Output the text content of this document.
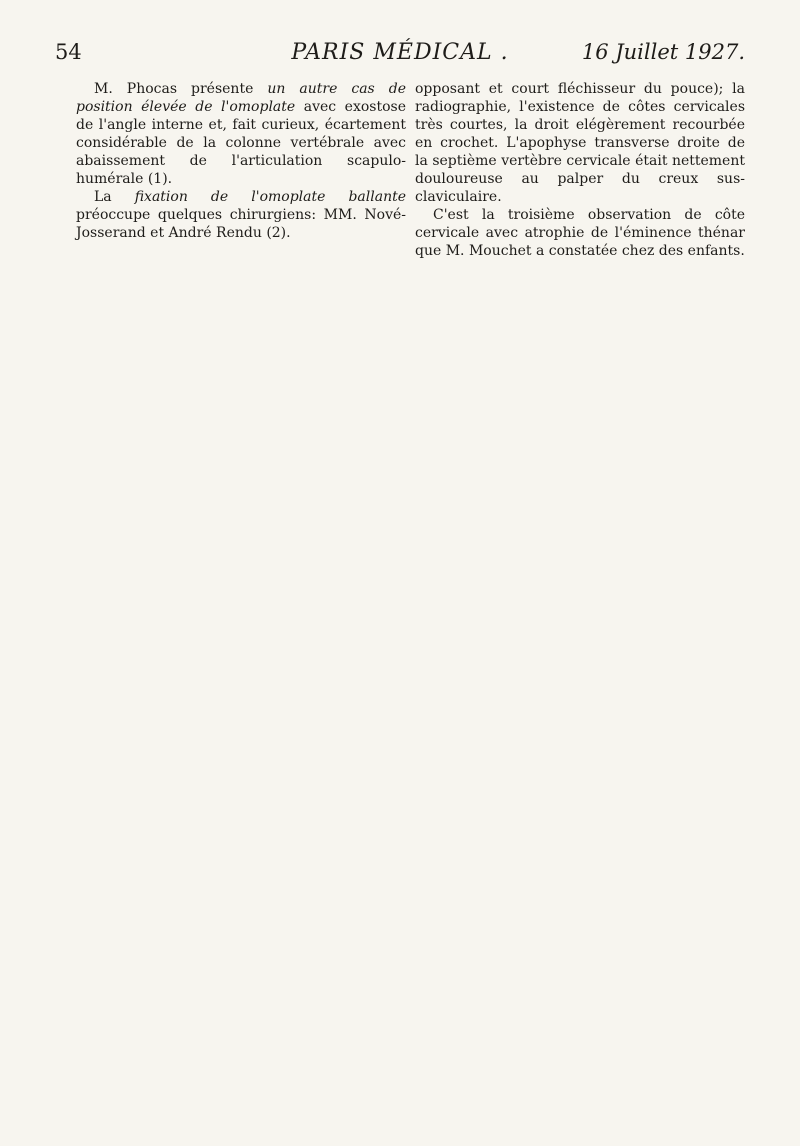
54	PARIS MÉDICAL .	16 Juillet 1927.

M. Phocas présente un autre cas de position élevée de l'omoplate avec exostose de l'angle interne et, fait curieux, écartement considérable de la colonne vertébrale avec abaissement de l'articulation scapulo-humérale (1).

La fixation de l'omoplate ballante préoccupe quelques chirurgiens: MM. Nové-Josserand et André Rendu (2).

opposant et court fléchisseur du pouce); la radiographie, l'existence de côtes cervicales très courtes, la droit elégèrement recourbée en crochet. L'apophyse transverse droite de la septième vertèbre cervicale était nettement douloureuse au palper du creux sus-claviculaire.

C'est la troisième observation de côte cervicale avec atrophie de l'éminence thénar que M. Mouchet a constatée chez des enfants.
